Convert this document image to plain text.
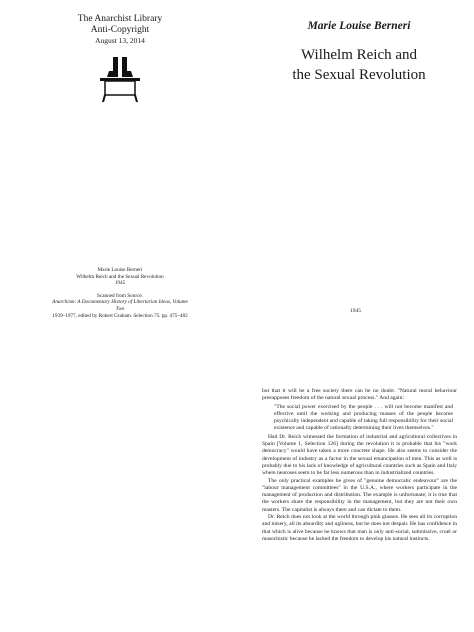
The Anarchist Library
Anti-Copyright
August 13, 2014
Marie Louise Berneri
Wilhelm Reich and the Sexual Revolution
1945
Scanned from Source.
Anarchism: A Documentary History of Libertarian Ideas, Volume Two
1939–1977, edited by Robert Graham. Selection 75. pp. 475–482
Marie Louise Berneri
Wilhelm Reich and
the Sexual Revolution
1945

but that it will be a free society there can be no doubt. "Natural moral behaviour presupposes freedom of the natural sexual process." And again:

"The social power exercised by the people . . . will not become manifest and effective until the working and producing masses of the people become psychically independent and capable of taking full responsibility for their social existence and capable of rationally determining their lives themselves."

Had Dr. Reich witnessed the formation of industrial and agricultural collectives in Spain [Volume 1, Selection 126] during the revolution it is probable that his "work democracy" would have taken a more concrete shape. He also seems to consider the development of industry as a factor in the sexual emancipation of men. This as well is probably due to his lack of knowledge of agricultural countries such as Spain and Italy where neuroses seem to be far less numerous than in industrialized countries.

The only practical examples he gives of "genuine democratic endeavour" are the "labour management committees" in the U.S.A., where workers participate in the management of production and distribution. The example is unfortunate; it is true that the workers share the responsibility in the management, but they are not their own masters. The capitalist is always there and can dictate to them.

Dr. Reich does not look at the world through pink glasses. He sees all its corruption and misery, all its absurdity and ugliness, but he does not despair. He has confidence in that which is alive because he knows that man is only anti-social, submissive, cruel or masochistic because he lacked the freedom to develop his natural instincts.
